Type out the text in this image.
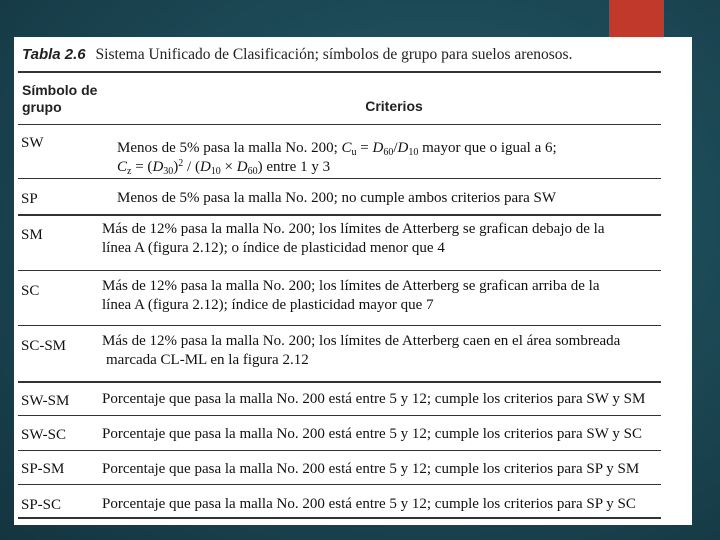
Tabla 2.6 Sistema Unificado de Clasificación; símbolos de grupo para suelos arenosos.
Símbolo de
grupo	Criterios
SW	Menos de 5% pasa la malla No. 200; $C_u = D_{60}/D_{10}$ mayor que o igual a 6;
$C_z = (D_{30})^2 / (D_{10} \times D_{60})$ entre 1 y 3
SP	Menos de 5% pasa la malla No. 200; no cumple ambos criterios para SW
SM	Más de 12% pasa la malla No. 200; los límites de Atterberg se grafican debajo de la
línea A (figura 2.12); o índice de plasticidad menor que 4
SC	Más de 12% pasa la malla No. 200; los límites de Atterberg se grafican arriba de la
línea A (figura 2.12); índice de plasticidad mayor que 7
SC-SM Más de 12% pasa la malla No. 200; los límites de Atterberg caen en el área sombreada
marcada CL-ML en la figura 2.12
SW-SM Porcentaje que pasa la malla No. 200 está entre 5 y 12; cumple los criterios para SW y SM
SW-SC Porcentaje que pasa la malla No. 200 está entre 5 y 12; cumple los criterios para SW y SC
SP-SM	Porcentaje que pasa la malla No. 200 está entre 5 y 12; cumple los criterios para SP y SM
SP-SC	Porcentaje que pasa la malla No. 200 está entre 5 y 12; cumple los criterios para SP y SC
